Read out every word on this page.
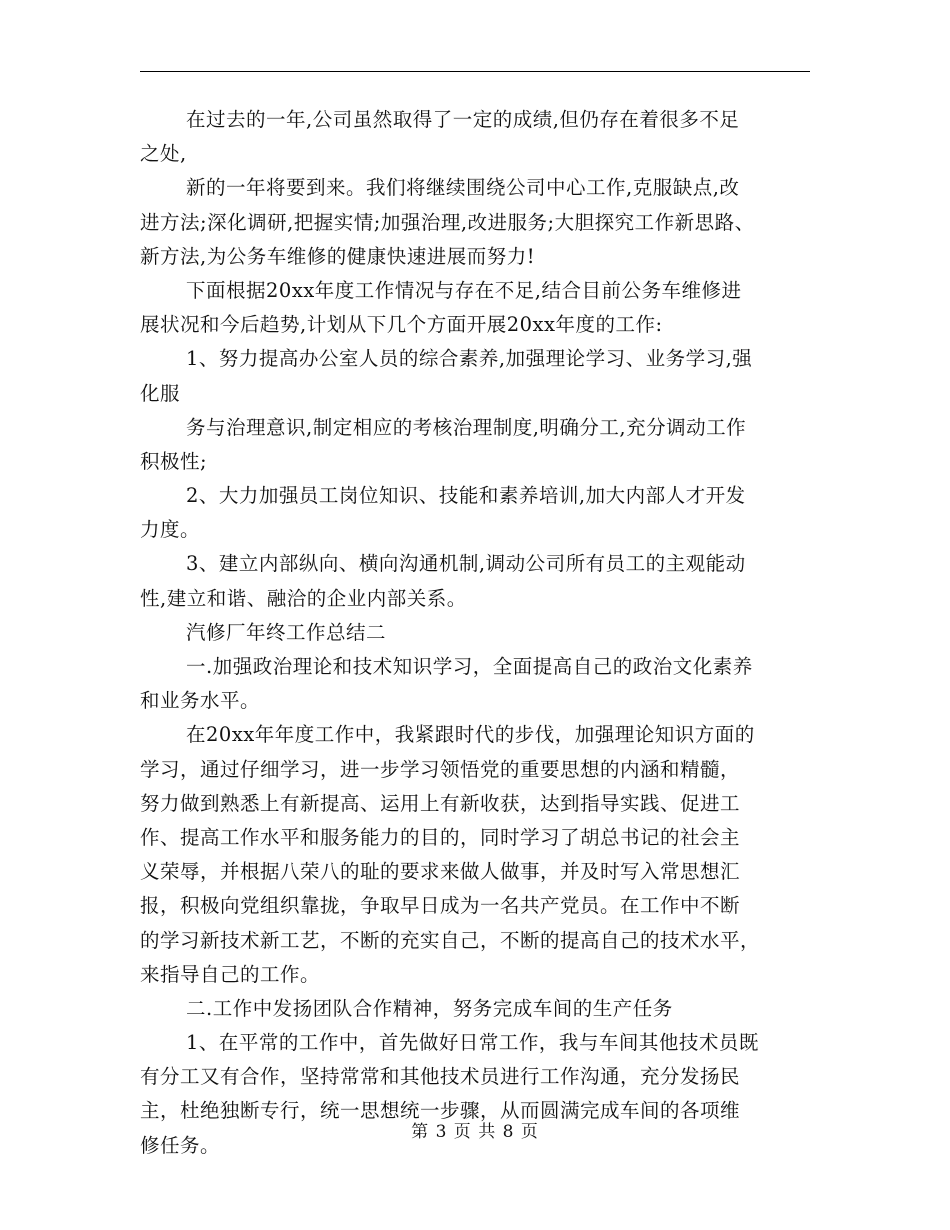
在过去的一年,公司虽然取得了一定的成绩,但仍存在着很多不足
之处,
新的一年将要到来。我们将继续围绕公司中心工作,克服缺点,改
进方法;深化调研,把握实情;加强治理,改进服务;大胆探究工作新思路、
新方法,为公务车维修的健康快速进展而努力!
下面根据20xx年度工作情况与存在不足,结合目前公务车维修进
展状况和今后趋势,计划从下几个方面开展20xx年度的工作:
1、努力提高办公室人员的综合素养,加强理论学习、业务学习,强
化服
务与治理意识,制定相应的考核治理制度,明确分工,充分调动工作
积极性;
2、大力加强员工岗位知识、技能和素养培训,加大内部人才开发
力度。
3、建立内部纵向、横向沟通机制,调动公司所有员工的主观能动
性,建立和谐、融洽的企业内部关系。
汽修厂年终工作总结二
一.加强政治理论和技术知识学习，全面提高自己的政治文化素养
和业务水平。
在20xx年年度工作中，我紧跟时代的步伐，加强理论知识方面的
学习，通过仔细学习，进一步学习领悟党的重要思想的内涵和精髓，
努力做到熟悉上有新提高、运用上有新收获，达到指导实践、促进工
作、提高工作水平和服务能力的目的，同时学习了胡总书记的社会主
义荣辱，并根据八荣八的耻的要求来做人做事，并及时写入常思想汇
报，积极向党组织靠拢，争取早日成为一名共产党员。在工作中不断
的学习新技术新工艺，不断的充实自己，不断的提高自己的技术水平，
来指导自己的工作。
二.工作中发扬团队合作精神，努务完成车间的生产任务
1、在平常的工作中，首先做好日常工作，我与车间其他技术员既
有分工又有合作，坚持常常和其他技术员进行工作沟通，充分发扬民
主，杜绝独断专行，统一思想统一步骤，从而圆满完成车间的各项维
修任务。
第 3 页 共 8 页
